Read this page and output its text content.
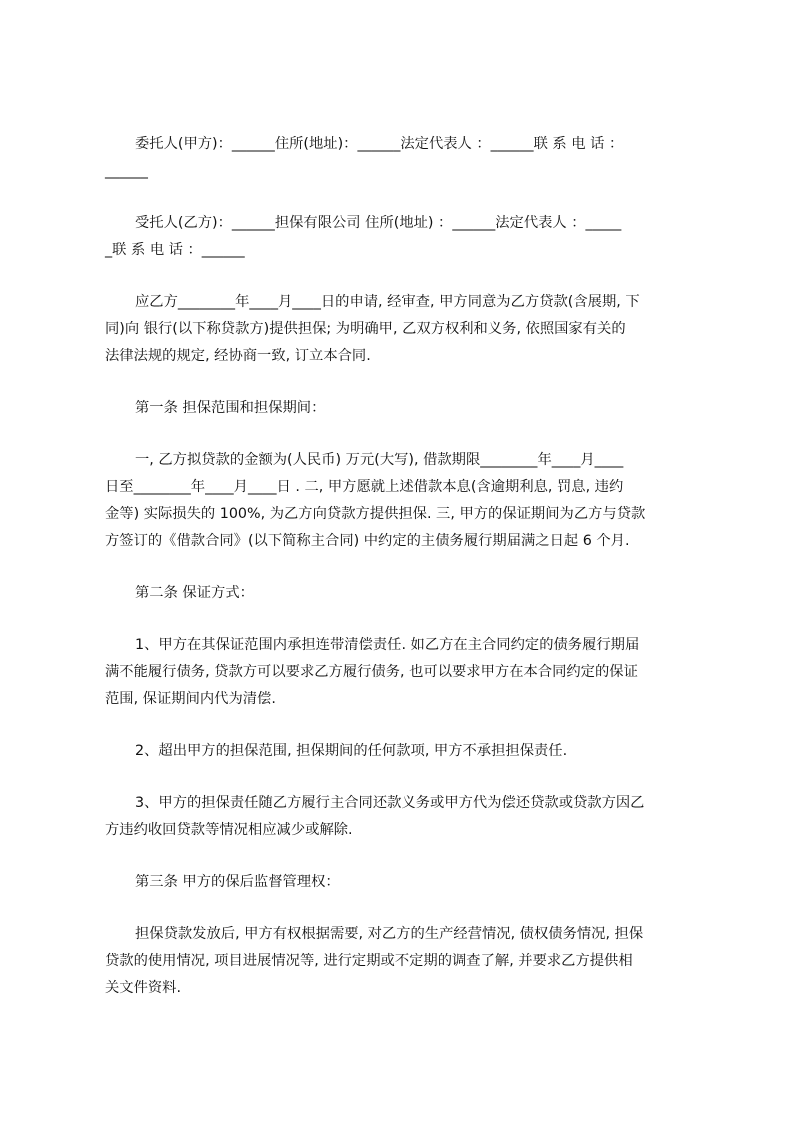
委托人(甲方)：______住所(地址)：______法定代表人 ：______联 系 电 话 ：
______
受托人(乙方)：______担保有限公司 住所(地址) ：______法定代表人 ：_____
_联 系 电 话 ：______
应乙方________年____月____日的申请, 经审查, 甲方同意为乙方贷款(含展期, 下
同)向 银行(以下称贷款方)提供担保; 为明确甲, 乙双方权利和义务, 依照国家有关的
法律法规的规定, 经协商一致, 订立本合同.
第一条 担保范围和担保期间：
一, 乙方拟贷款的金额为(人民币) 万元(大写), 借款期限________年____月____
日至________年____月____日 . 二, 甲方愿就上述借款本息(含逾期利息, 罚息, 违约
金等) 实际损失的 100%, 为乙方向贷款方提供担保. 三, 甲方的保证期间为乙方与贷款
方签订的《借款合同》(以下简称主合同) 中约定的主债务履行期届满之日起 6 个月.
第二条 保证方式：
1、甲方在其保证范围内承担连带清偿责任. 如乙方在主合同约定的债务履行期届
满不能履行债务, 贷款方可以要求乙方履行债务, 也可以要求甲方在本合同约定的保证
范围, 保证期间内代为清偿.
2、超出甲方的担保范围, 担保期间的任何款项, 甲方不承担担保责任.
3、甲方的担保责任随乙方履行主合同还款义务或甲方代为偿还贷款或贷款方因乙
方违约收回贷款等情况相应减少或解除.
第三条 甲方的保后监督管理权：
担保贷款发放后, 甲方有权根据需要, 对乙方的生产经营情况, 债权债务情况, 担保
贷款的使用情况, 项目进展情况等, 进行定期或不定期的调查了解, 并要求乙方提供相
关文件资料.
